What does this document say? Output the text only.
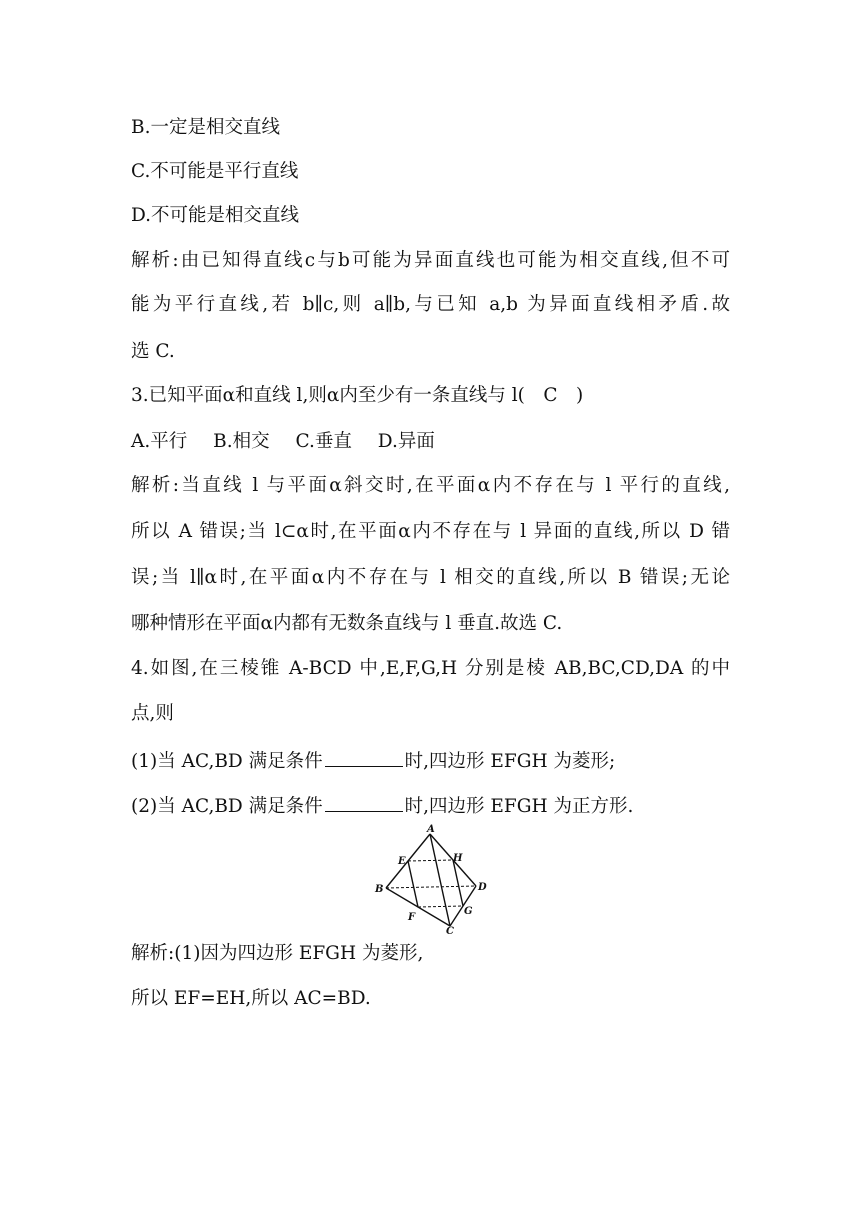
B.一定是相交直线
C.不可能是平行直线
D.不可能是相交直线
解析:由已知得直线c与b可能为异面直线也可能为相交直线,但不可
能为平行直线,若 b∥c,则 a∥b,与已知 a,b 为异面直线相矛盾.故
选 C.
3.已知平面α和直线 l,则α内至少有一条直线与 l(　C　)
A.平行 B.相交 C.垂直 D.异面
解析:当直线 l 与平面α斜交时,在平面α内不存在与 l 平行的直线,
所以 A 错误;当 l⊂α时,在平面α内不存在与 l 异面的直线,所以 D 错
误;当 l∥α时,在平面α内不存在与 l 相交的直线,所以 B 错误;无论
哪种情形在平面α内都有无数条直线与 l 垂直.故选 C.
4.如图,在三棱锥 A-BCD 中,E,F,G,H 分别是棱 AB,BC,CD,DA 的中
点,则
(1)当 AC,BD 满足条件	时,四边形 EFGH 为菱形;
(2)当 AC,BD 满足条件	时,四边形 EFGH 为正方形.
A
B
C
D
E
F
G
H
解析:(1)因为四边形 EFGH 为菱形,
所以 EF=EH,所以 AC=BD.
